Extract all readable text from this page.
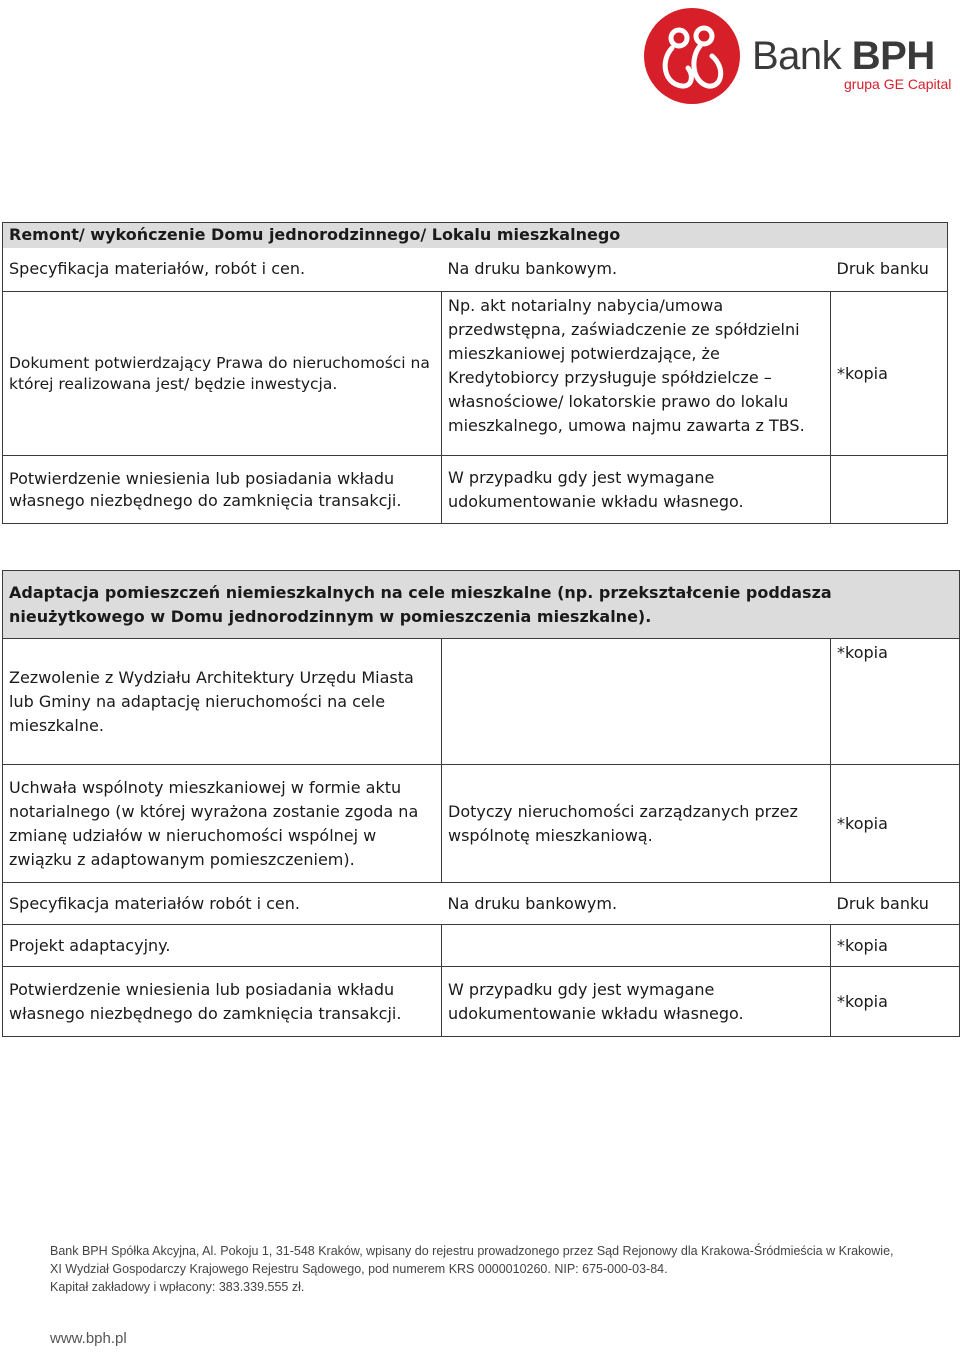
Bank BPH
grupa GE Capital
Remont/ wykończenie Domu jednorodzinnego/ Lokalu mieszkalnego		
Specyfikacja materiałów, robót i cen.	Na druku bankowym.	Druk banku
Dokument potwierdzający Prawa do nieruchomości na której realizowana jest/ będzie inwestycja.	Np. akt notarialny nabycia/umowa przedwstępna, zaświadczenie ze spółdzielni mieszkaniowej potwierdzające, że Kredytobiorcy przysługuje spółdzielcze –własnościowe/ lokatorskie prawo do lokalu mieszkalnego, umowa najmu zawarta z TBS.	*kopia
Potwierdzenie wniesienia lub posiadania wkładu własnego niezbędnego do zamknięcia transakcji.	W przypadku gdy jest wymagane udokumentowanie wkładu własnego.	
Adaptacja pomieszczeń niemieszkalnych na cele mieszkalne (np. przekształcenie poddasza nieużytkowego w Domu jednorodzinnym w pomieszczenia mieszkalne).		
Zezwolenie z Wydziału Architektury Urzędu Miasta lub Gminy na adaptację nieruchomości na cele mieszkalne.		*kopia
Uchwała wspólnoty mieszkaniowej w formie aktu notarialnego (w której wyrażona zostanie zgoda na zmianę udziałów w nieruchomości wspólnej w związku z adaptowanym pomieszczeniem).	Dotyczy nieruchomości zarządzanych przez wspólnotę mieszkaniową.	*kopia
Specyfikacja materiałów robót i cen.	Na druku bankowym.	Druk banku
Projekt adaptacyjny.		*kopia
Potwierdzenie wniesienia lub posiadania wkładu własnego niezbędnego do zamknięcia transakcji.	W przypadku gdy jest wymagane udokumentowanie wkładu własnego.	*kopia
Bank BPH Spółka Akcyjna, Al. Pokoju 1, 31-548 Kraków, wpisany do rejestru prowadzonego przez Sąd Rejonowy dla Krakowa-Śródmieścia w Krakowie,
XI Wydział Gospodarczy Krajowego Rejestru Sądowego, pod numerem KRS 0000010260. NIP: 675-000-03-84.
Kapitał zakładowy i wpłacony: 383.339.555 zł.
www.bph.pl
